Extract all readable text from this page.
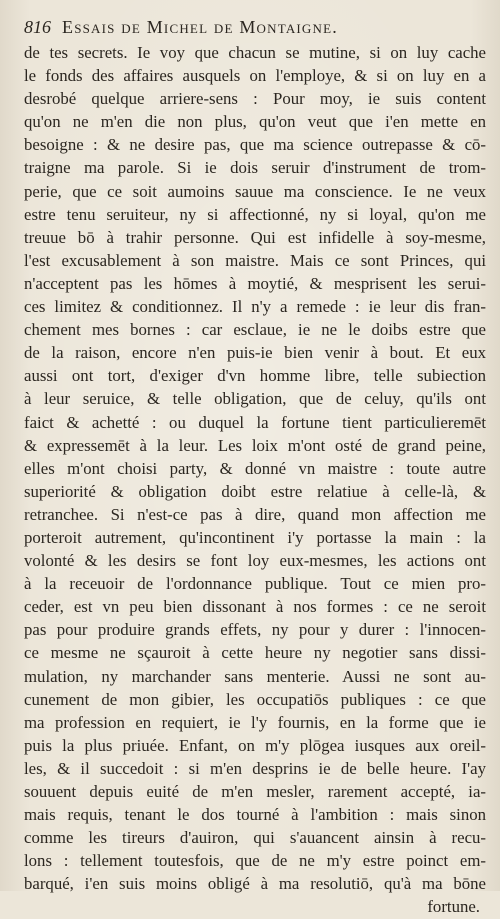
816 Essais de Michel de Montaigne.
de tes secrets. Ie voy que chacun se mutine, si on luy cache
le fonds des affaires ausquels on l'employe, & si on luy en a
desrobé quelque arriere-sens : Pour moy, ie suis content
qu'on ne m'en die non plus, qu'on veut que i'en mette en
besoigne : & ne desire pas, que ma science outrepasse & cō-
traigne ma parole. Si ie dois seruir d'instrument de trom-
perie, que ce soit aumoins sauue ma conscience. Ie ne veux
estre tenu seruiteur, ny si affectionné, ny si loyal, qu'on me
treuue bō à trahir personne. Qui est infidelle à soy-mesme,
l'est excusablement à son maistre. Mais ce sont Princes, qui
n'acceptent pas les hōmes à moytié, & mesprisent les serui-
ces limitez & conditionnez. Il n'y a remede : ie leur dis fran-
chement mes bornes : car esclaue, ie ne le doibs estre que
de la raison, encore n'en puis-ie bien venir à bout. Et eux
aussi ont tort, d'exiger d'vn homme libre, telle subiection
à leur seruice, & telle obligation, que de celuy, qu'ils ont
faict & achetté : ou duquel la fortune tient particulieremēt
& expressemēt à la leur. Les loix m'ont osté de grand peine,
elles m'ont choisi party, & donné vn maistre : toute autre
superiorité & obligation doibt estre relatiue à celle-là, &
retranchee. Si n'est-ce pas à dire, quand mon affection me
porteroit autrement, qu'incontinent i'y portasse la main : la
volonté & les desirs se font loy eux-mesmes, les actions ont
à la receuoir de l'ordonnance publique. Tout ce mien pro-
ceder, est vn peu bien dissonant à nos formes : ce ne seroit
pas pour produire grands effets, ny pour y durer : l'innocen-
ce mesme ne sçauroit à cette heure ny negotier sans dissi-
mulation, ny marchander sans menterie. Aussi ne sont au-
cunement de mon gibier, les occupatiōs publiques : ce que
ma profession en requiert, ie l'y fournis, en la forme que ie
puis la plus priuée. Enfant, on m'y plōgea iusques aux oreil-
les, & il succedoit : si m'en desprins ie de belle heure. I'ay
souuent depuis euité de m'en mesler, rarement accepté, ia-
mais requis, tenant le dos tourné à l'ambition : mais sinon
comme les tireurs d'auiron, qui s'auancent ainsin à recu-
lons : tellement toutesfois, que de ne m'y estre poinct em-
barqué, i'en suis moins obligé à ma resolutiō, qu'à ma bōne
fortune.
